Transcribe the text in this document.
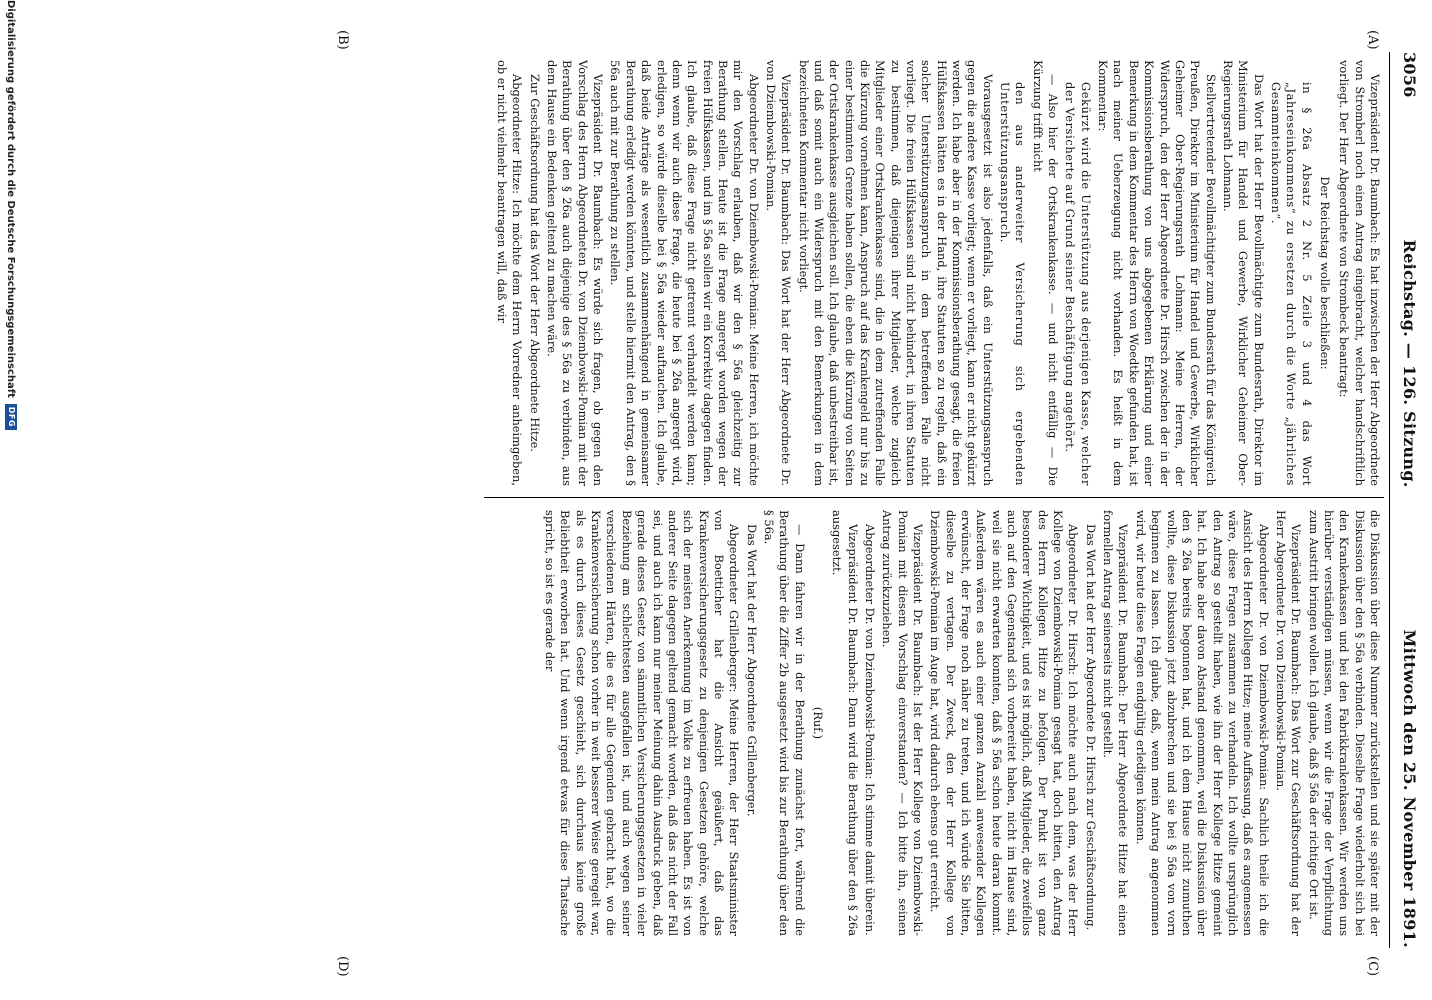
3056
Reichstag. — 126. Sitzung.
Mittwoch den 25. November 1891.
(A)
(B)
(C)
(D)

Vizepräsident Dr. Baumbach: Es hat inzwischen der Herr Abgeordnete von Stromberl noch einen Antrag eingebracht, welcher handschriftlich vorliegt. Der Herr Abgeordnete von Strombeck beantragt:

Der Reichstag wolle beschließen:

in § 26a Absatz 2 Nr. 5 Zeile 3 und 4 das Wort „Jahreseinkommens“ zu ersetzen durch die Worte „jährliches Gesammteinkommen“.

Das Wort hat der Herr Bevollmächtigte zum Bundesrath, Direktor im Ministerium für Handel und Gewerbe, Wirklicher Geheimer Ober-Regierungsrath Lohmann.

Stellvertretender Bevollmächtigter zum Bundesrath für das Königreich Preußen, Direktor im Ministerium für Handel und Gewerbe, Wirklicher Geheimer Ober-Regierungsrath Lohmann: Meine Herren, der Widerspruch, den der Herr Abgeordnete Dr. Hirsch zwischen der in der Kommissionsberathung von uns abgegebenen Erklärung und einer Bemerkung in dem Kommentar des Herrn von Woedtke gefunden hat, ist nach meiner Ueberzeugung nicht vorhanden. Es heißt in dem Kommentar:

Gekürzt wird die Unterstützung aus derjenigen Kasse, welcher der Versicherte auf Grund seiner Beschäftigung angehört.

— Also hier der Ortskrankenkasse. — und nicht entfällig — Die Kürzung trifft nicht

den aus anderweiter Versicherung sich ergebenden Unterstützungsanspruch.

Vorausgesetzt ist also jedenfalls, daß ein Unterstützungsanspruch gegen die andere Kasse vorliegt; wenn er vorliegt, kann er nicht gekürzt werden. Ich habe aber in der Kommissionsberathung gesagt, die freien Hülfskassen hätten es in der Hand, ihre Statuten so zu regeln, daß ein solcher Unterstützungsanspruch in dem betreffenden Falle nicht vorliegt. Die freien Hülfskassen sind nicht behindert, in ihren Statuten zu bestimmen, daß diejenigen ihrer Mitglieder, welche zugleich Mitglieder einer Ortskrankenkasse sind, die in dem zutreffenden Falle die Kürzung vornehmen kann, Anspruch auf das Krankengeld nur bis zu einer bestimmten Grenze haben sollen, die eben die Kürzung von Seiten der Ortskrankenkasse ausgleichen soll. Ich glaube, daß unbestreitbar ist, und daß somit auch ein Widerspruch mit den Bemerkungen in dem bezeichneten Kommentar nicht vorliegt.

Vizepräsident Dr. Baumbach: Das Wort hat der Herr Abgeordnete Dr. von Dziembowski-Pomian.

Abgeordneter Dr. von Dziembowski-Pomian: Meine Herren, ich möchte mir den Vorschlag erlauben, daß wir den § 56a gleichzeitig zur Berathung stellen. Heute ist die Frage angeregt worden wegen der freien Hülfskassen, und im § 56a sollen wir ein Korrektiv dagegen finden. Ich glaube, daß diese Frage nicht getrennt verhandelt werden kann; denn wenn wir auch diese Frage, die heute bei § 26a angeregt wird, erledigen, so würde dieselbe bei § 56a wieder auftauchen. Ich glaube, daß beide Anträge als wesentlich zusammenhängend in gemeinsamer Berathung erledigt werden könnten, und stelle hiermit den Antrag, den § 56a auch mit zur Berathung zu stellen.

Vizepräsident Dr. Baumbach: Es würde sich fragen, ob gegen den Vorschlag des Herrn Abgeordneten Dr. von Dziembowski-Pomian mit der Berathung über den § 26a auch diejenige des § 56a zu verbinden, aus dem Hause ein Bedenken geltend zu machen wäre.

Zur Geschäftsordnung hat das Wort der Herr Abgeordnete Hitze.

Abgeordneter Hitze: Ich möchte dem Herrn Vorredner anheimgeben, ob er nicht vielmehr beantragen will, daß wir

die Diskussion über diese Nummer zurückstellen und sie später mit der Diskussion über den § 56a verbinden. Dieselbe Frage wiederholt sich bei den Krankenkassen und bei den Fabrikkrankenkassen. Wir werden uns hierüber verständigen müssen, wenn wir die Frage der Verpflichtung zum Austritt bringen wollen. Ich glaube, daß § 56a der richtige Ort ist.

Vizepräsident Dr. Baumbach: Das Wort zur Geschäftsordnung hat der Herr Abgeordnete Dr. von Dziembowski-Pomian.

Abgeordneter Dr. von Dziembowski-Pomian: Sachlich theile ich die Ansicht des Herrn Kollegen Hitze; meine Auffassung, daß es angemessen wäre, diese Fragen zusammen zu verhandeln. Ich wollte ursprünglich den Antrag so gestellt haben, wie ihn der Herr Kollege Hitze gemeint hat. Ich habe aber davon Abstand genommen, weil die Diskussion über den § 26a bereits begonnen hat, und ich dem Hause nicht zumuthen wollte, diese Diskussion jetzt abzubrechen und sie bei § 56a von vorn beginnen zu lassen. Ich glaube, daß, wenn mein Antrag angenommen wird, wir heute diese Fragen endgültig erledigen können.

Vizepräsident Dr. Baumbach: Der Herr Abgeordnete Hitze hat einen formellen Antrag seinerseits nicht gestellt.

Das Wort hat der Herr Abgeordnete Dr. Hirsch zur Geschäftsordnung.

Abgeordneter Dr. Hirsch: Ich möchte auch nach dem, was der Herr Kollege von Dziembowski-Pomian gesagt hat, doch bitten, den Antrag des Herrn Kollegen Hitze zu befolgen. Der Punkt ist von ganz besonderer Wichtigkeit, und es ist möglich, daß Mitglieder, die zweifellos auch auf den Gegenstand sich vorbereitet haben, nicht im Hause sind, weil sie nicht erwarten konnten, daß § 56a schon heute daran kommt. Außerdem wären es auch einer ganzen Anzahl anwesender Kollegen erwünscht, der Frage noch näher zu treten, und ich würde Sie bitten, dieselbe zu vertagen. Der Zweck, den der Herr Kollege von Dziembowski-Pomian im Auge hat, wird dadurch ebenso gut erreicht.

Vizepräsident Dr. Baumbach: Ist der Herr Kollege von Dziembowski-Pomian mit diesem Vorschlag einverstanden? — Ich bitte ihn, seinen Antrag zurückzuziehen.

Abgeordneter Dr. von Dziembowski-Pomian: Ich stimme damit überein.

Vizepräsident Dr. Baumbach: Dann wird die Berathung über den § 26a ausgesetzt.

(Ruf.)

— Dann fahren wir in der Berathung zunächst fort, während die Berathung über die Ziffer 2b ausgesetzt wird bis zur Berathung über den § 56a.

Das Wort hat der Herr Abgeordnete Grillenberger.

Abgeordneter Grillenberger: Meine Herren, der Herr Staatsminister von Boetticher hat die Ansicht geäußert, daß das Krankenversicherungsgesetz zu denjenigen Gesetzen gehöre, welche sich der meisten Anerkennung im Volke zu erfreuen haben. Es ist von anderer Seite dagegen geltend gemacht worden, daß das nicht der Fall sei, und auch ich kann nur meiner Meinung dahin Ausdruck geben, daß gerade dieses Gesetz von sämmtlichen Versicherungsgesetzen in vieler Beziehung am schlechtesten ausgefallen ist, und auch wegen seiner verschiedenen Härten, die es für alle Gegenden gebracht hat, wo die Krankenversicherung schon vorher in weit besserer Weise geregelt war, als es durch dieses Gesetz geschieht, sich durchaus keine große Beliebtheit erworben hat. Und wenn irgend etwas für diese Thatsache spricht, so ist es gerade der

Digitalisierung gefördert durch die Deutsche Forschungsgemeinschaft
DFG
